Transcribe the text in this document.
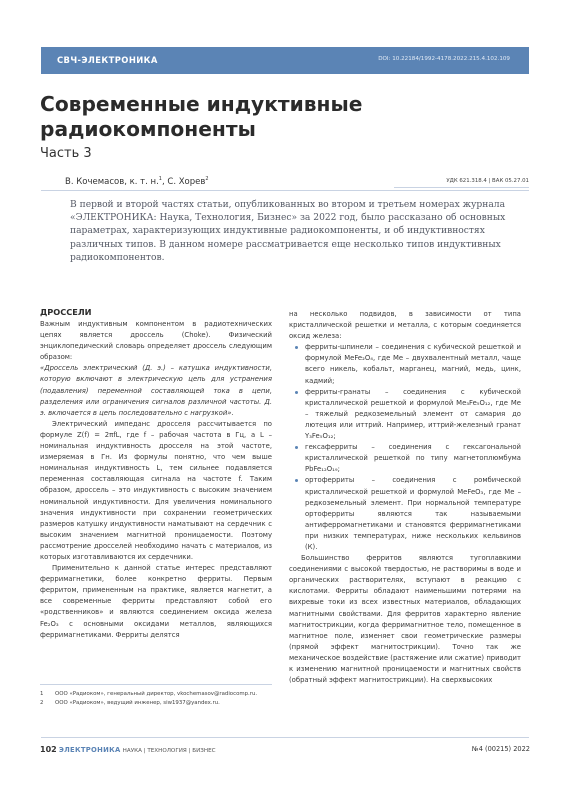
СВЧ-ЭЛЕКТРОНИКА	DOI: 10.22184/1992-4178.2022.215.4.102.109
Современные индуктивные радиокомпоненты
Часть 3
В. Кочемасов, к. т. н.$^1$, С. Хорев$^2$	УДК 621.318.4 | ВАК 05.27.01

В первой и второй частях статьи, опубликованных во втором и третьем номерах журнала «ЭЛЕКТРОНИКА: Наука, Технология, Бизнес» за 2022 год, было рассказано об основных параметрах, характеризующих индуктивные радиокомпоненты, и об индуктивностях различных типов. В данном номере рассматривается еще несколько типов индуктивных радиокомпонентов.

ДРОССЕЛИ

Важным индуктивным компонентом в радиотехнических цепях является дроссель (Choke). Физический энциклопедический словарь определяет дроссель следующим образом:

«Дроссель электрический (Д. э.) – катушка индуктивности, которую включают в электрическую цепь для устранения (подавления) переменной составляющей тока в цепи, разделения или ограничения сигналов различной частоты. Д. э. включается в цепь последовательно с нагрузкой».

Электрический импеданс дросселя рассчитывается по формуле Z(f) = 2πfL, где f – рабочая частота в Гц, а L – номинальная индуктивность дросселя на этой частоте, измеряемая в Гн. Из формулы понятно, что чем выше номинальная индуктивность L, тем сильнее подавляется переменная составляющая сигнала на частоте f. Таким образом, дроссель – это индуктивность с высоким значением номинальной индуктивности. Для увеличения номинального значения индуктивности при сохранении геометрических размеров катушку индуктивности наматывают на сердечник с высоким значением магнитной проницаемости. Поэтому рассмотрение дросселей необходимо начать с материалов, из которых изготавливаются их сердечники.

Применительно к данной статье интерес представляют ферримагнетики, более конкретно ферриты. Первым ферритом, примененным на практике, является магнетит, а все современные ферриты представляют собой его «родственников» и являются соединением оксида железа Fe₂O₃ с основными оксидами металлов, являющихся ферримагнетиками. Ферриты делятся

на несколько подвидов, в зависимости от типа кристаллической решетки и металла, с которым соединяется оксид железа:

ферриты-шпинели – соединения с кубической решеткой и формулой MeFe₂O₄, где Me – двухвалентный металл, чаще всего никель, кобальт, марганец, магний, медь, цинк, кадмий;
ферриты-гранаты – соединения с кубической кристаллической решеткой и формулой Me₃Fe₅O₁₂, где Me – тяжелый редкоземельный элемент от самария до лютеция или иттрий. Например, иттрий-железный гранат Y₃Fe₅O₁₂;
гексаферриты – соединения с гексагональной кристаллической решеткой по типу магнетоплюмбума PbFe₁₂O₁₉;
ортоферриты – соединения с ромбической кристаллической решеткой и формулой MeFeO₃, где Me – редкоземельный элемент. При нормальной температуре ортоферриты являются так называемыми антиферромагнетиками и становятся ферримагнетиками при низких температурах, ниже нескольких кельвинов (К).

Большинство ферритов являются тугоплавкими соединениями с высокой твердостью, не растворимы в воде и органических растворителях, вступают в реакцию с кислотами. Ферриты обладают наименьшими потерями на вихревые токи из всех известных материалов, обладающих магнитными свойствами. Для ферритов характерно явление магнитострикции, когда ферримагнитное тело, помещенное в магнитное поле, изменяет свои геометрические размеры (прямой эффект магнитострикции). Точно так же механическое воздействие (растяжение или сжатие) приводит к изменению магнитной проницаемости и магнитных свойств (обратный эффект магнитострикции). На сверхвысоких

1 ООО «Радиоком», генеральный директор, vkochemasov@radiocomp.ru.
2 ООО «Радиоком», ведущий инженер, siw1937@yandex.ru.
102 ЭЛЕКТРОНИКА НАУКА | ТЕХНОЛОГИЯ | БИЗНЕС	№4 (00215) 2022
